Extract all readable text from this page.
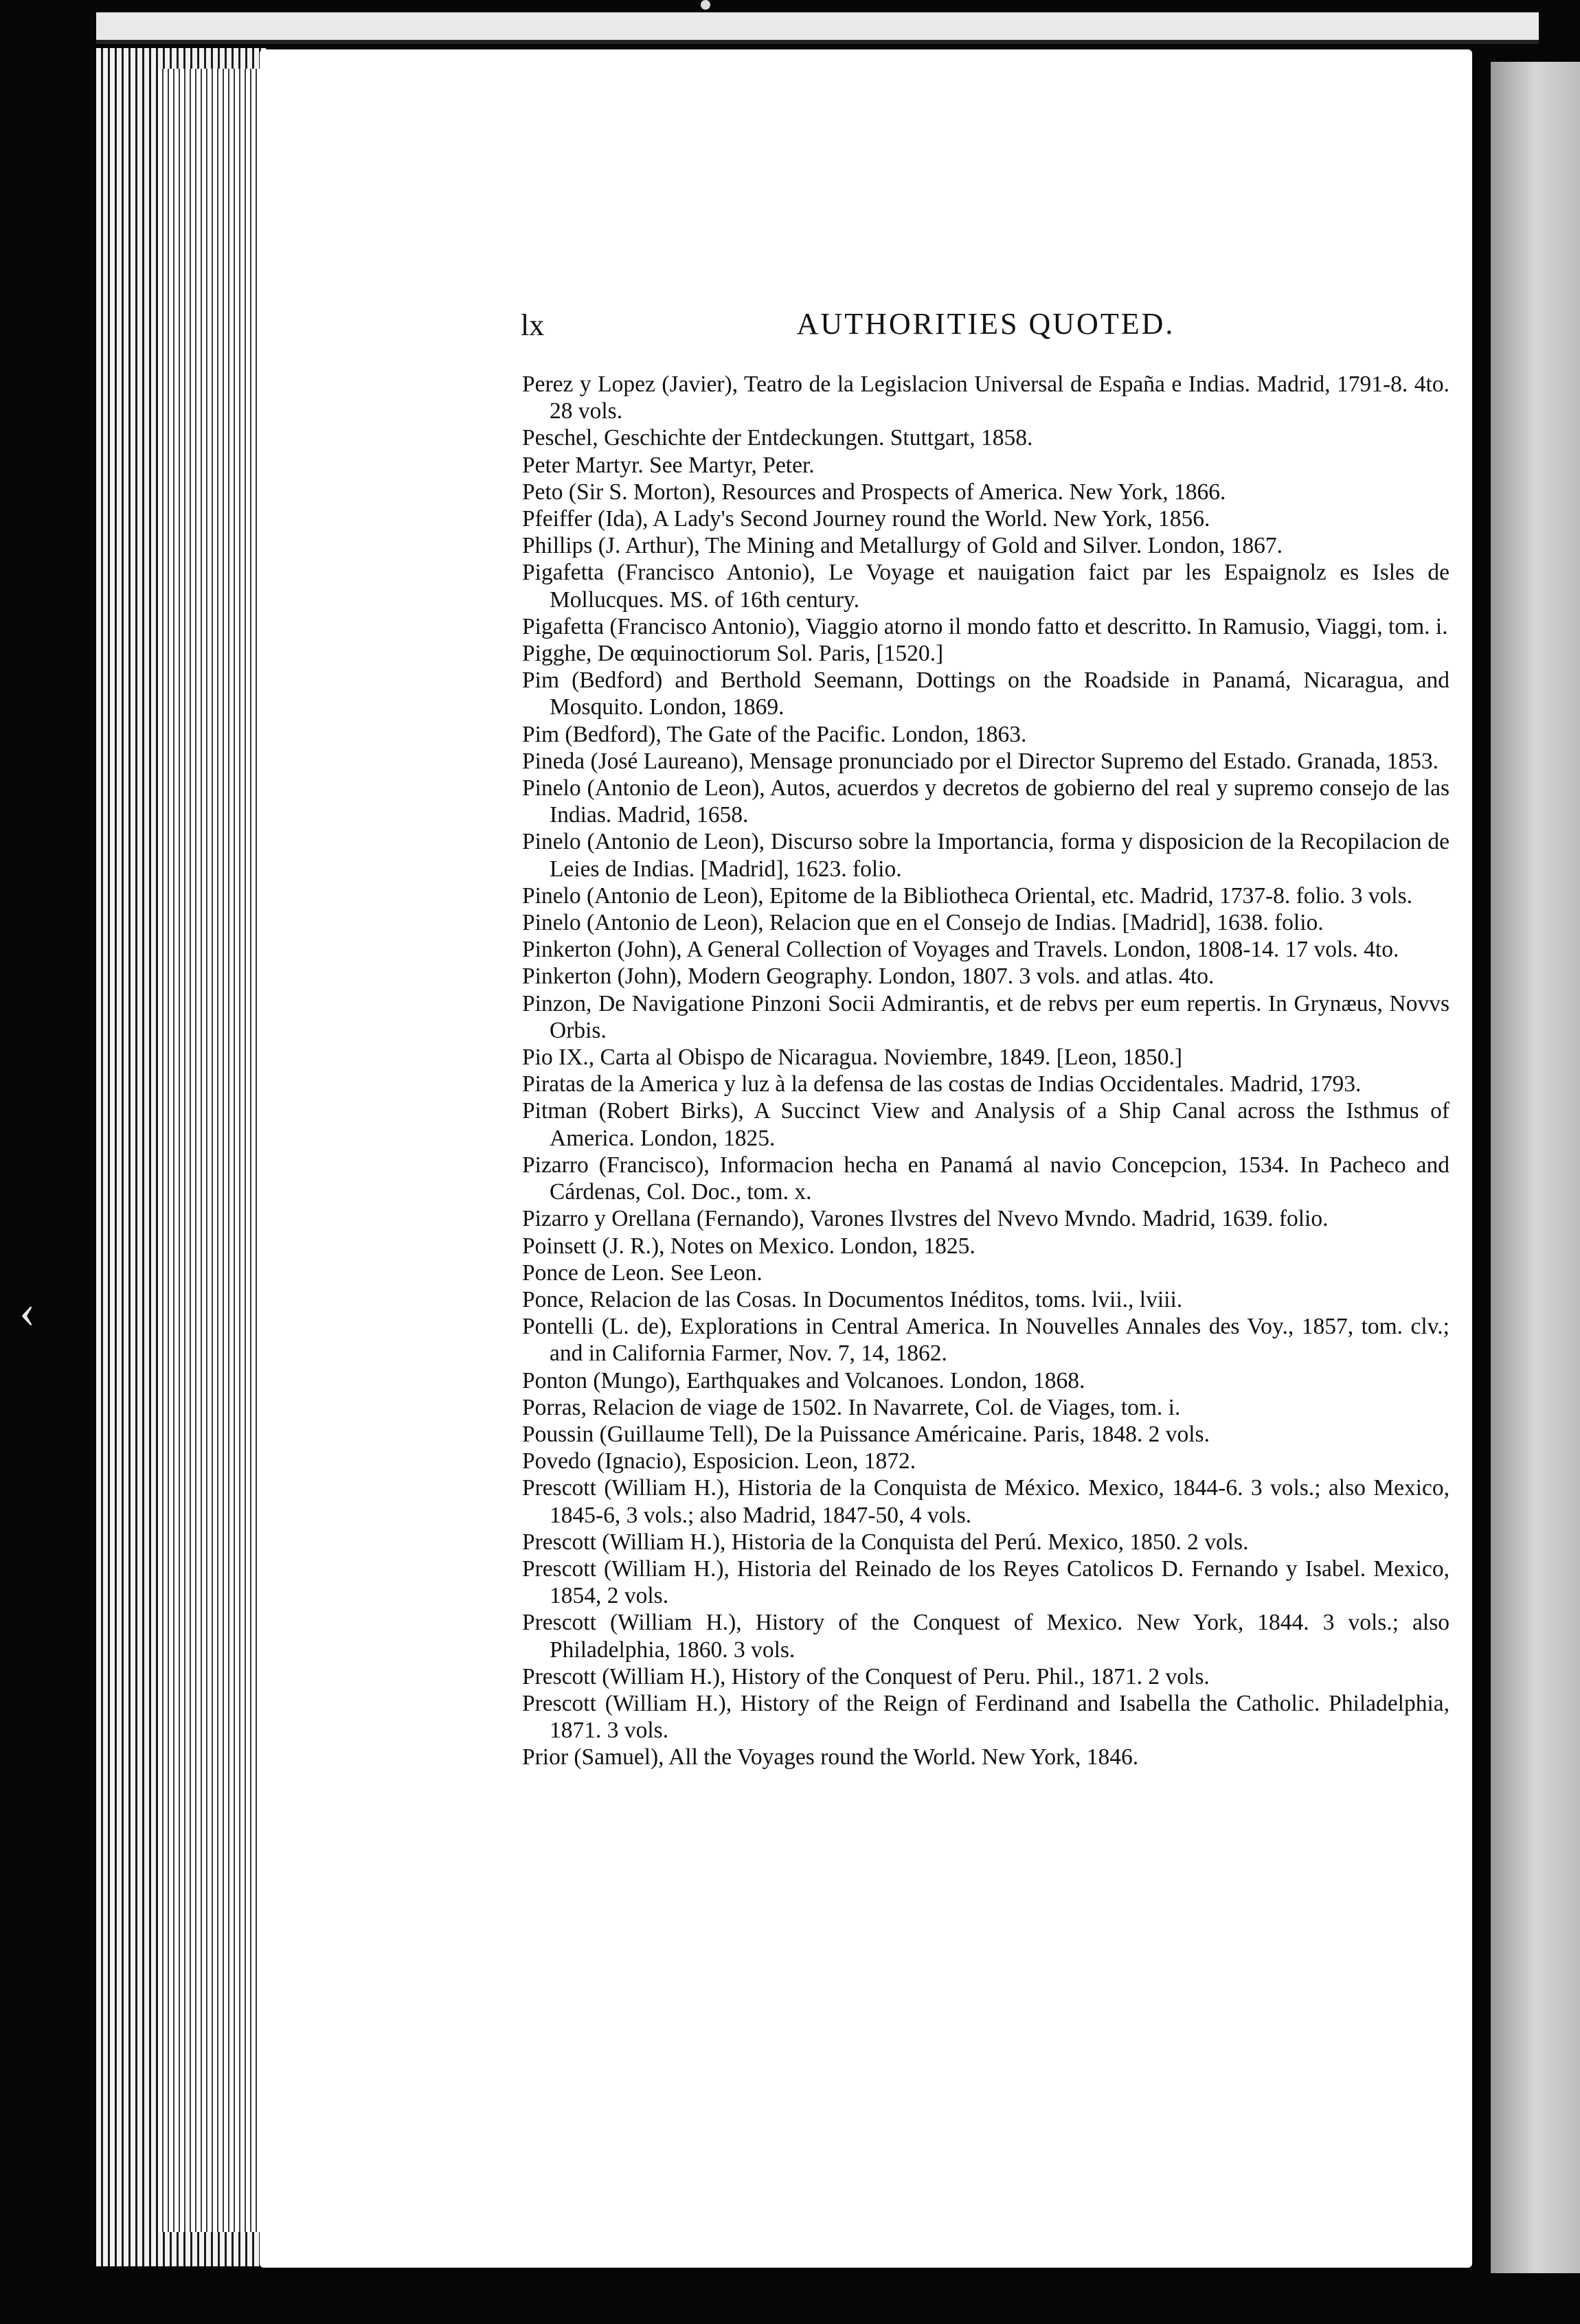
‹
AUTHORITIES QUOTED.
lx
Perez y Lopez (Javier), Teatro de la Legislacion Universal de España e Indias. Madrid, 1791-8. 4to. 28 vols.
Peschel, Geschichte der Entdeckungen. Stuttgart, 1858.
Peter Martyr. See Martyr, Peter.
Peto (Sir S. Morton), Resources and Prospects of America. New York, 1866.
Pfeiffer (Ida), A Lady's Second Journey round the World. New York, 1856.
Phillips (J. Arthur), The Mining and Metallurgy of Gold and Silver. London, 1867.
Pigafetta (Francisco Antonio), Le Voyage et nauigation faict par les Espaignolz es Isles de Mollucques. MS. of 16th century.
Pigafetta (Francisco Antonio), Viaggio atorno il mondo fatto et descritto. In Ramusio, Viaggi, tom. i.
Pigghe, De œquinoctiorum Sol. Paris, [1520.]
Pim (Bedford) and Berthold Seemann, Dottings on the Roadside in Panamá, Nicaragua, and Mosquito. London, 1869.
Pim (Bedford), The Gate of the Pacific. London, 1863.
Pineda (José Laureano), Mensage pronunciado por el Director Supremo del Estado. Granada, 1853.
Pinelo (Antonio de Leon), Autos, acuerdos y decretos de gobierno del real y supremo consejo de las Indias. Madrid, 1658.
Pinelo (Antonio de Leon), Discurso sobre la Importancia, forma y disposicion de la Recopilacion de Leies de Indias. [Madrid], 1623. folio.
Pinelo (Antonio de Leon), Epitome de la Bibliotheca Oriental, etc. Madrid, 1737-8. folio. 3 vols.
Pinelo (Antonio de Leon), Relacion que en el Consejo de Indias. [Madrid], 1638. folio.
Pinkerton (John), A General Collection of Voyages and Travels. London, 1808-14. 17 vols. 4to.
Pinkerton (John), Modern Geography. London, 1807. 3 vols. and atlas. 4to.
Pinzon, De Navigatione Pinzoni Socii Admirantis, et de rebvs per eum repertis. In Grynæus, Novvs Orbis.
Pio IX., Carta al Obispo de Nicaragua. Noviembre, 1849. [Leon, 1850.]
Piratas de la America y luz à la defensa de las costas de Indias Occidentales. Madrid, 1793.
Pitman (Robert Birks), A Succinct View and Analysis of a Ship Canal across the Isthmus of America. London, 1825.
Pizarro (Francisco), Informacion hecha en Panamá al navio Concepcion, 1534. In Pacheco and Cárdenas, Col. Doc., tom. x.
Pizarro y Orellana (Fernando), Varones Ilvstres del Nvevo Mvndo. Madrid, 1639. folio.
Poinsett (J. R.), Notes on Mexico. London, 1825.
Ponce de Leon. See Leon.
Ponce, Relacion de las Cosas. In Documentos Inéditos, toms. lvii., lviii.
Pontelli (L. de), Explorations in Central America. In Nouvelles Annales des Voy., 1857, tom. clv.; and in California Farmer, Nov. 7, 14, 1862.
Ponton (Mungo), Earthquakes and Volcanoes. London, 1868.
Porras, Relacion de viage de 1502. In Navarrete, Col. de Viages, tom. i.
Poussin (Guillaume Tell), De la Puissance Américaine. Paris, 1848. 2 vols.
Povedo (Ignacio), Esposicion. Leon, 1872.
Prescott (William H.), Historia de la Conquista de México. Mexico, 1844-6. 3 vols.; also Mexico, 1845-6, 3 vols.; also Madrid, 1847-50, 4 vols.
Prescott (William H.), Historia de la Conquista del Perú. Mexico, 1850. 2 vols.
Prescott (William H.), Historia del Reinado de los Reyes Catolicos D. Fernando y Isabel. Mexico, 1854, 2 vols.
Prescott (William H.), History of the Conquest of Mexico. New York, 1844. 3 vols.; also Philadelphia, 1860. 3 vols.
Prescott (William H.), History of the Conquest of Peru. Phil., 1871. 2 vols.
Prescott (William H.), History of the Reign of Ferdinand and Isabella the Catholic. Philadelphia, 1871. 3 vols.
Prior (Samuel), All the Voyages round the World. New York, 1846.
